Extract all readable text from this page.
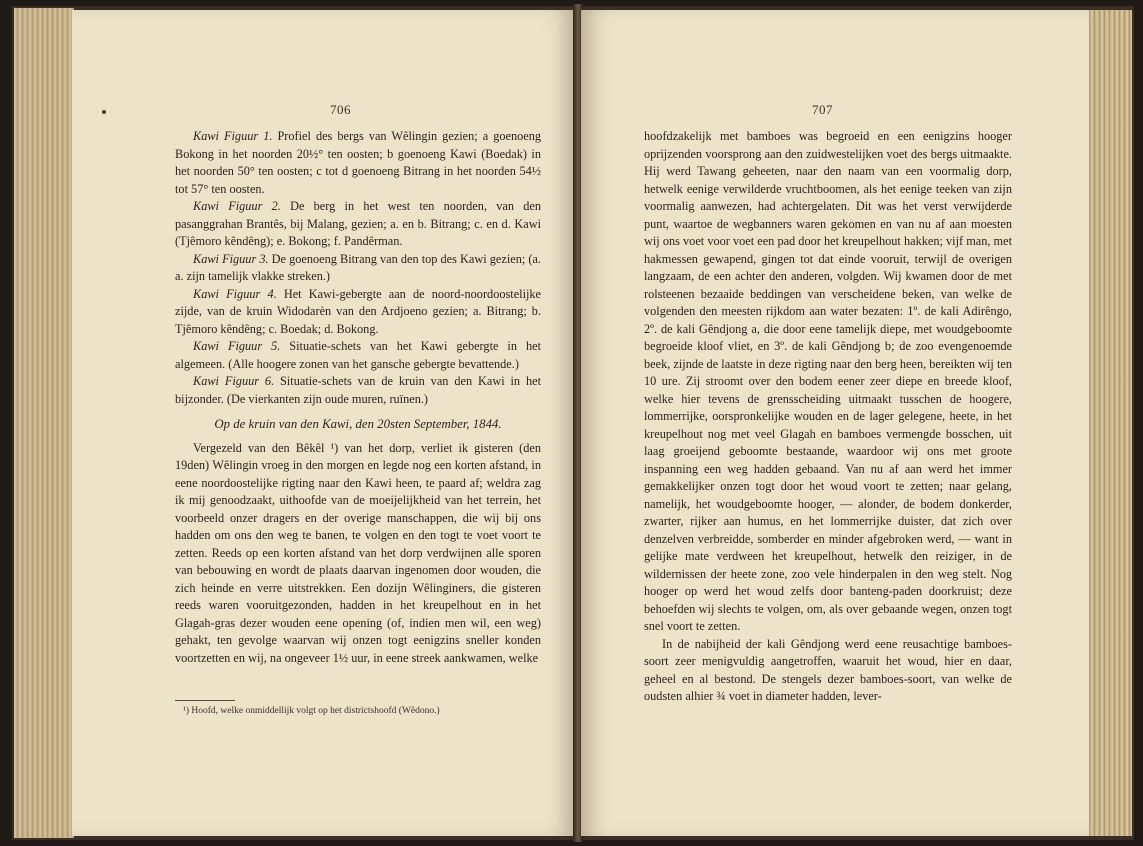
706

Kawi Figuur 1. Profiel des bergs van Wêlingin gezien; a goenoeng Bokong in het noorden 20½° ten oosten; b goenoeng Kawi (Boedak) in het noorden 50° ten oosten; c tot d goenoeng Bitrang in het noorden 54½ tot 57° ten oosten.

Kawi Figuur 2. De berg in het west ten noorden, van den pasanggrahan Brantês, bij Malang, gezien; a. en b. Bitrang; c. en d. Kawi (Tjêmoro kêndêng); e. Bokong; f. Pandêrman.

Kawi Figuur 3. De goenoeng Bitrang van den top des Kawi gezien; (a. a. zijn tamelijk vlakke streken.)

Kawi Figuur 4. Het Kawi-gebergte aan de noord-noordoostelijke zijde, van de kruin Widodarèn van den Ardjoeno gezien; a. Bitrang; b. Tjêmoro kêndêng; c. Boedak; d. Bokong.

Kawi Figuur 5. Situatie-schets van het Kawi gebergte in het algemeen. (Alle hoogere zonen van het gansche gebergte bevattende.)

Kawi Figuur 6. Situatie-schets van de kruin van den Kawi in het bijzonder. (De vierkanten zijn oude muren, ruïnen.)

Op de kruin van den Kawi, den 20sten September, 1844.

Vergezeld van den Bêkêl ¹) van het dorp, verliet ik gisteren (den 19den) Wêlingin vroeg in den morgen en legde nog een korten afstand, in eene noordoostelijke rigting naar den Kawi heen, te paard af; weldra zag ik mij genoodzaakt, uithoofde van de moeijelijkheid van het terrein, het voorbeeld onzer dragers en der overige manschappen, die wij bij ons hadden om ons den weg te banen, te volgen en den togt te voet voort te zetten. Reeds op een korten afstand van het dorp verdwijnen alle sporen van bebouwing en wordt de plaats daarvan ingenomen door wouden, die zich heinde en verre uitstrekken. Een dozijn Wêlinginers, die gisteren reeds waren vooruitgezonden, hadden in het kreupelhout en in het Glagah-gras dezer wouden eene opening (of, indien men wil, een weg) gehakt, ten gevolge waarvan wij onzen togt eenigzins sneller konden voortzetten en wij, na ongeveer 1½ uur, in eene streek aankwamen, welke

¹) Hoofd, welke onmiddellijk volgt op het districtshoofd (Wêdono.)
707

hoofdzakelijk met bamboes was begroeid en een eenigzins hooger oprijzenden voorsprong aan den zuidwestelijken voet des bergs uitmaakte. Hij werd Tawang geheeten, naar den naam van een voormalig dorp, hetwelk eenige verwilderde vruchtboomen, als het eenige teeken van zijn voormalig aanwezen, had achtergelaten. Dit was het verst verwijderde punt, waartoe de wegbanners waren gekomen en van nu af aan moesten wij ons voet voor voet een pad door het kreupelhout hakken; vijf man, met hakmessen gewapend, gingen tot dat einde vooruit, terwijl de overigen langzaam, de een achter den anderen, volgden. Wij kwamen door de met rolsteenen bezaaide beddingen van verscheidene beken, van welke de volgenden den meesten rijkdom aan water bezaten: 1º. de kali Adirêngo, 2º. de kali Gêndjong a, die door eene tamelijk diepe, met woudgeboomte begroeide kloof vliet, en 3º. de kali Gêndjong b; de zoo evengenoemde beek, zijnde de laatste in deze rigting naar den berg heen, bereikten wij ten 10 ure. Zij stroomt over den bodem eener zeer diepe en breede kloof, welke hier tevens de grensscheiding uitmaakt tusschen de hoogere, lommerrijke, oorspronkelijke wouden en de lager gelegene, heete, in het kreupelhout nog met veel Glagah en bamboes vermengde bosschen, uit laag groeijend geboomte bestaande, waardoor wij ons met groote inspanning een weg hadden gebaand. Van nu af aan werd het immer gemakkelijker onzen togt door het woud voort te zetten; naar gelang, namelijk, het woudgeboomte hooger, — alonder, de bodem donkerder, zwarter, rijker aan humus, en het lommerrijke duister, dat zich over denzelven verbreidde, somberder en minder afgebroken werd, — want in gelijke mate verdween het kreupelhout, hetwelk den reiziger, in de wildernissen der heete zone, zoo vele hinderpalen in den weg stelt. Nog hooger op werd het woud zelfs door banteng-paden doorkruist; deze behoefden wij slechts te volgen, om, als over gebaande wegen, onzen togt snel voort te zetten.

In de nabijheid der kali Gêndjong werd eene reusachtige bamboes-soort zeer menigvuldig aangetroffen, waaruit het woud, hier en daar, geheel en al bestond. De stengels dezer bamboes-soort, van welke de oudsten alhier ¾ voet in diameter hadden, lever-
